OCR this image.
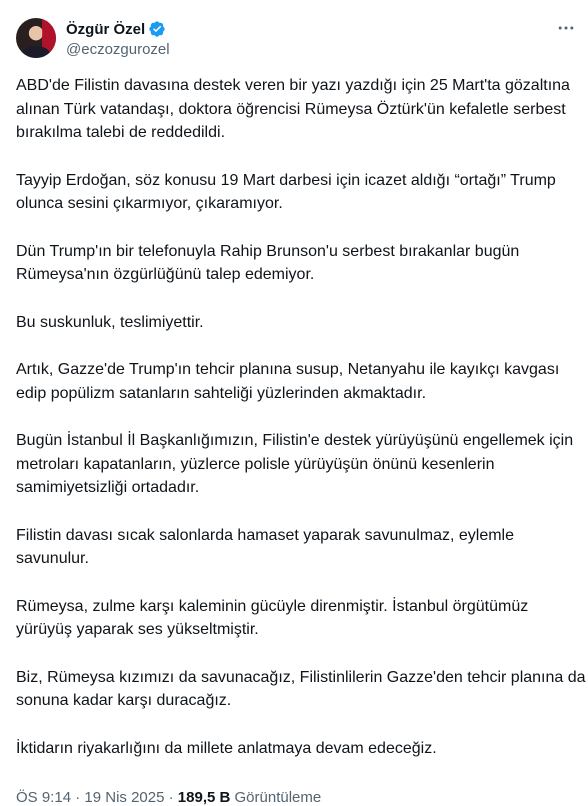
Özgür Özel
@eczozgurozel

ABD'de Filistin davasına destek veren bir yazı yazdığı için 25 Mart'ta gözaltına alınan Türk vatandaşı, doktora öğrencisi Rümeysa Öztürk'ün kefaletle serbest bırakılma talebi de reddedildi.

Tayyip Erdoğan, söz konusu 19 Mart darbesi için icazet aldığı “ortağı” Trump olunca sesini çıkarmıyor, çıkaramıyor.

Dün Trump'ın bir telefonuyla Rahip Brunson'u serbest bırakanlar bugün Rümeysa'nın özgürlüğünü talep edemiyor.

Bu suskunluk, teslimiyettir.

Artık, Gazze'de Trump'ın tehcir planına susup, Netanyahu ile kayıkçı kavgası edip popülizm satanların sahteliği yüzlerinden akmaktadır.

Bugün İstanbul İl Başkanlığımızın, Filistin'e destek yürüyüşünü engellemek için metroları kapatanların, yüzlerce polisle yürüyüşün önünü kesenlerin samimiyetsizliği ortadadır.

Filistin davası sıcak salonlarda hamaset yaparak savunulmaz, eylemle savunulur.

Rümeysa, zulme karşı kaleminin gücüyle direnmiştir. İstanbul örgütümüz yürüyüş yaparak ses yükseltmiştir.

Biz, Rümeysa kızımızı da savunacağız, Filistinlilerin Gazze'den tehcir planına da sonuna kadar karşı duracağız.

İktidarın riyakarlığını da millete anlatmaya devam edeceğiz.

ÖS 9:14 · 19 Nis 2025 · 189,5 B Görüntüleme
